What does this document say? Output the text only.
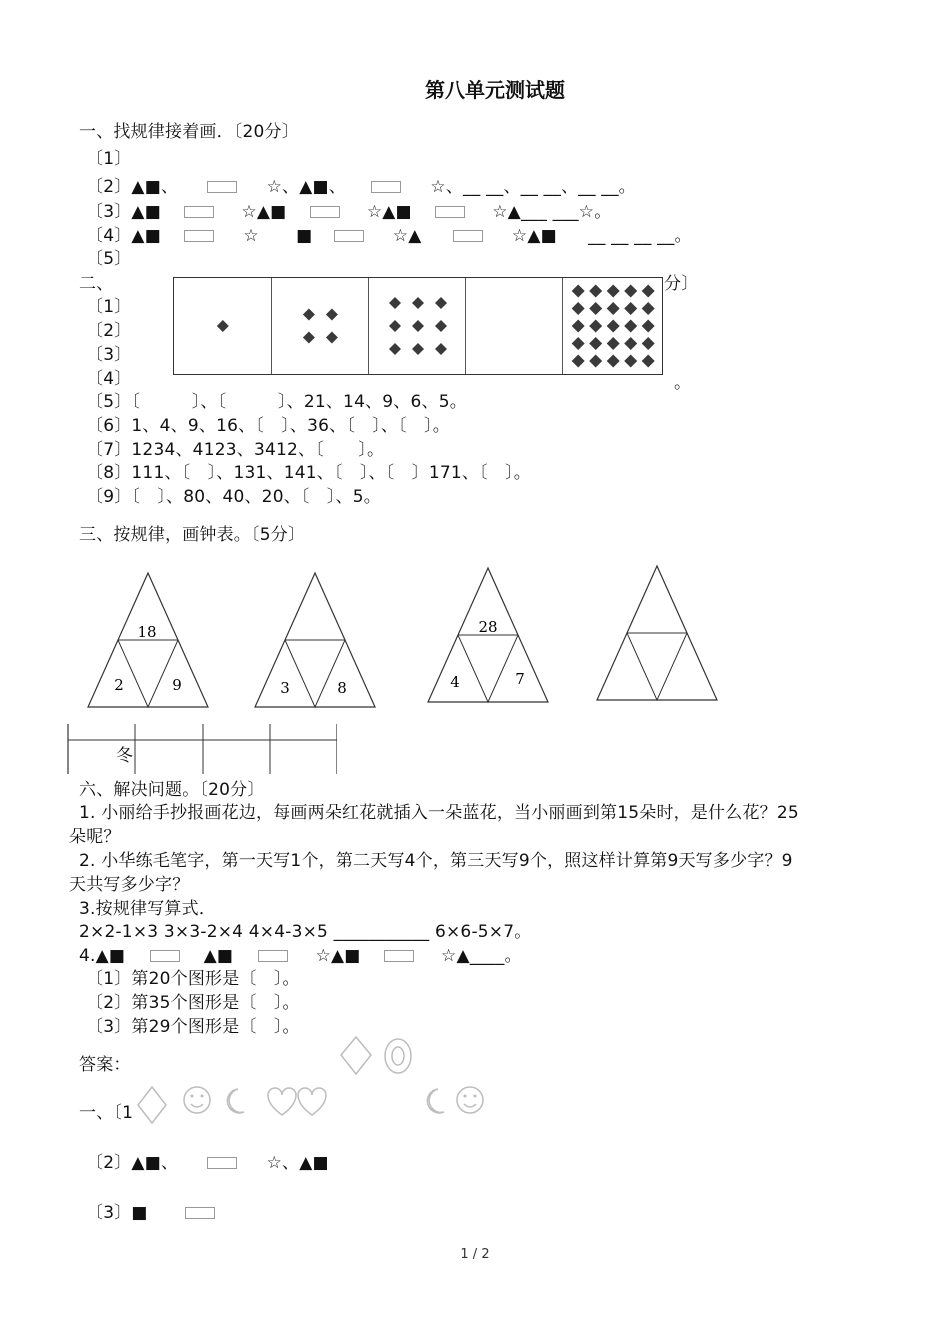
第八单元测试题
一、找规律接着画．〔20分〕
〔1〕
〔2〕▲■、	☆、▲■、	☆、__ __、__ __、__ __。
〔3〕▲■	☆▲■	☆▲■	☆▲___ ___☆。
〔4〕▲■	☆ ■	☆▲	☆▲■ __ __ __ __。
〔5〕
二、	分〕
〔1〕
〔2〕
〔3〕
〔4〕	。
〔5〕〔　　　〕、〔　　　〕、21、14、9、6、5。
〔6〕1、4、9、16、〔　〕、36、〔　〕、〔　〕。
〔7〕1234、4123、3412、〔　　〕。
〔8〕111、〔　〕、131、141、〔　〕、〔　〕171、〔　〕。
〔9〕〔　〕、80、40、20、〔　〕、5。
三、按规律，画钟表。〔5分〕
18
2	9	3	8
28
4	7
冬
六、解决问题。〔20分〕
1. 小丽给手抄报画花边，每画两朵红花就插入一朵蓝花，当小丽画到第15朵时，是什么花？25
朵呢？
2. 小华练毛笔字，第一天写1个，第二天写4个，第三天写9个，照这样计算第9天写多少字？9
天共写多少字？
3.按规律写算式．
2×2-1×3 3×3-2×4 4×4-3×5 ___________ 6×6-5×7。
4.▲■	▲■	☆▲■	☆▲____。
〔1〕第20个图形是〔　〕。
〔2〕第35个图形是〔　〕。
〔3〕第29个图形是〔　〕。
答案：
一、〔1
〔2〕▲■、	☆、▲■
〔3〕■
1 / 2
